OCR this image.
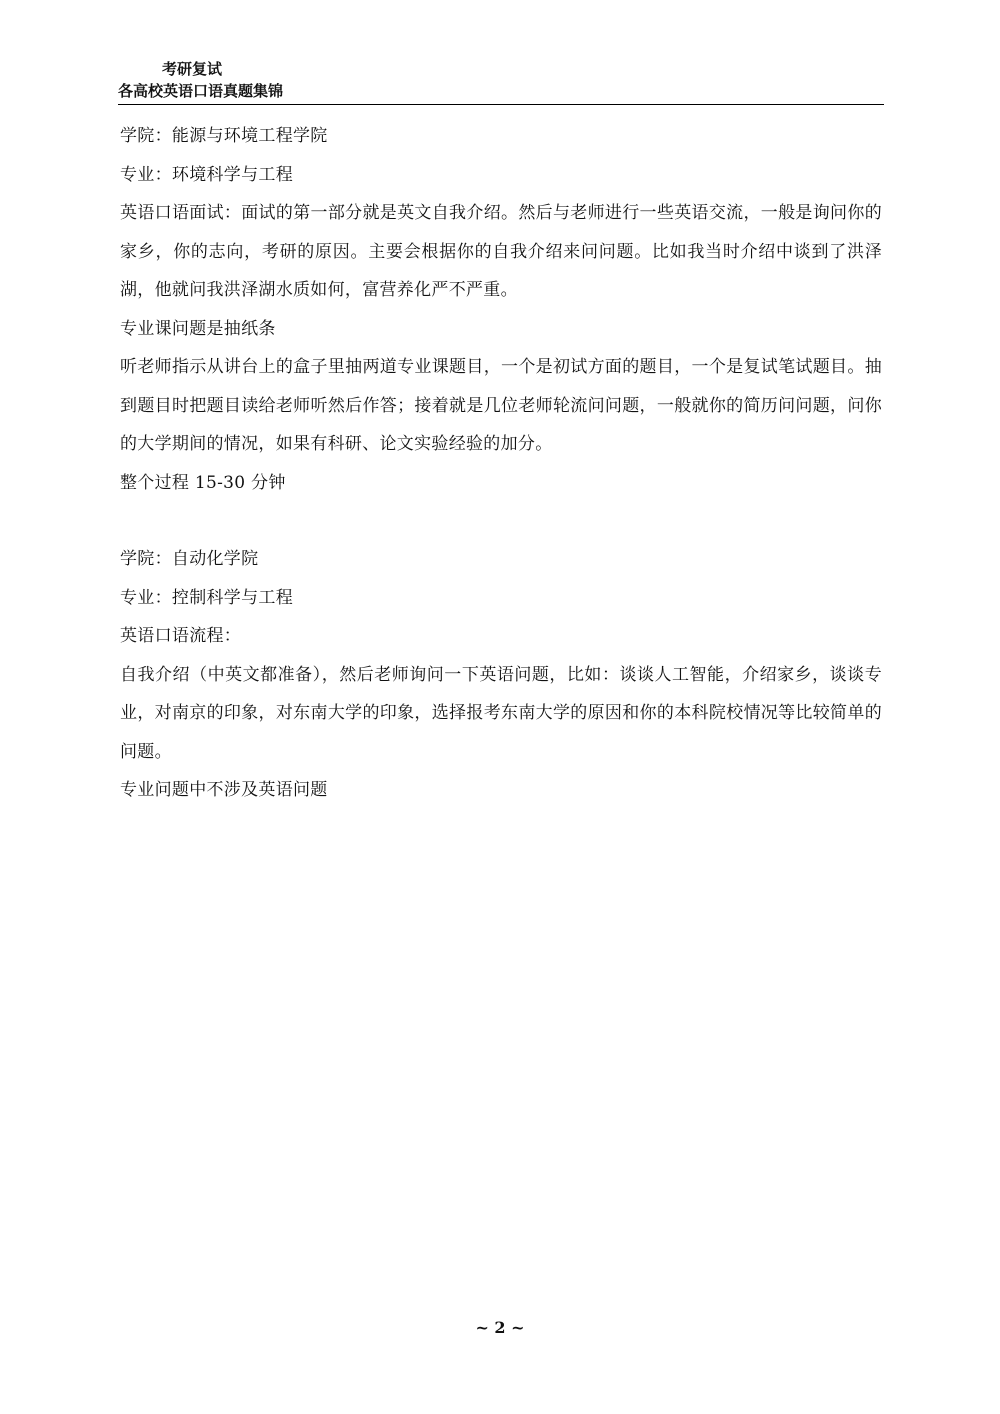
考研复试
各高校英语口语真题集锦

学院：能源与环境工程学院

专业：环境科学与工程

英语口语面试：面试的第一部分就是英文自我介绍。然后与老师进行一些英语交流，一般是询问你的家乡，你的志向，考研的原因。主要会根据你的自我介绍来问问题。比如我当时介绍中谈到了洪泽湖，他就问我洪泽湖水质如何，富营养化严不严重。

专业课问题是抽纸条

听老师指示从讲台上的盒子里抽两道专业课题目，一个是初试方面的题目，一个是复试笔试题目。抽到题目时把题目读给老师听然后作答；接着就是几位老师轮流问问题，一般就你的简历问问题，问你的大学期间的情况，如果有科研、论文实验经验的加分。

整个过程 15-30 分钟

学院：自动化学院

专业：控制科学与工程

英语口语流程：

自我介绍（中英文都准备），然后老师询问一下英语问题，比如：谈谈人工智能，介绍家乡，谈谈专业，对南京的印象，对东南大学的印象，选择报考东南大学的原因和你的本科院校情况等比较简单的问题。

专业问题中不涉及英语问题

~ 2 ~
